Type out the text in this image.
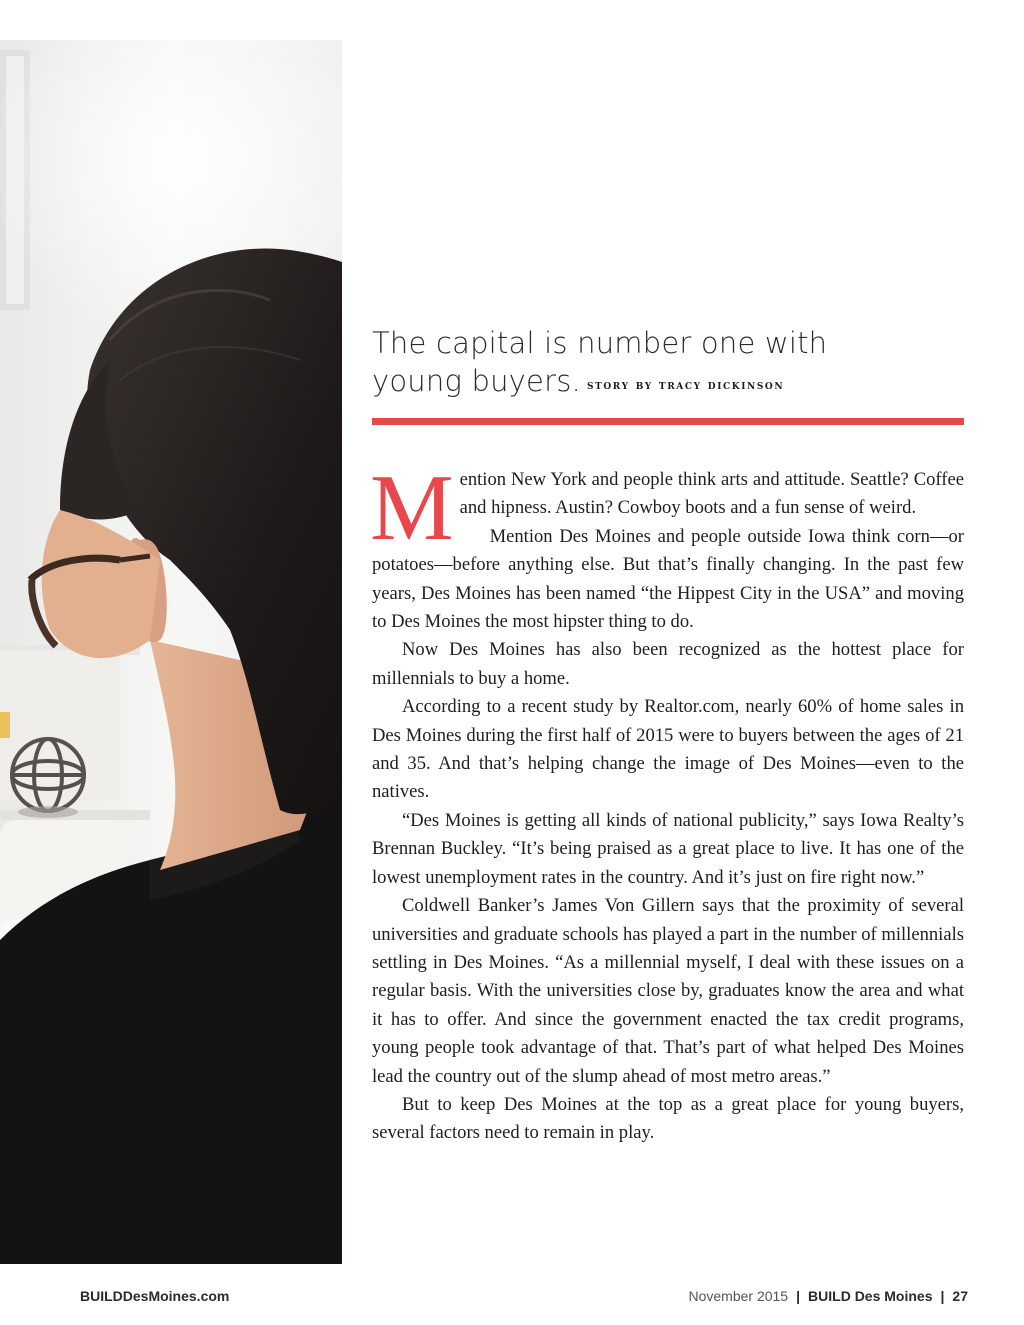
The capital is number one with
young buyers. story by tracy dickinson

Mention New York and people think arts and attitude. Seattle? Coffee and hipness. Austin? Cowboy boots and a fun sense of weird.

Mention Des Moines and people outside Iowa think corn—or potatoes—before anything else. But that’s finally changing. In the past few years, Des Moines has been named “the Hippest City in the USA” and moving to Des Moines the most hipster thing to do.

Now Des Moines has also been recognized as the hottest place for millennials to buy a home.

According to a recent study by Realtor.com, nearly 60% of home sales in Des Moines during the first half of 2015 were to buyers between the ages of 21 and 35. And that’s helping change the image of Des Moines—even to the natives.

“Des Moines is getting all kinds of national publicity,” says Iowa Realty’s Brennan Buckley. “It’s being praised as a great place to live. It has one of the lowest unemployment rates in the country. And it’s just on fire right now.”

Coldwell Banker’s James Von Gillern says that the proximity of several universities and graduate schools has played a part in the number of millennials settling in Des Moines. “As a millennial myself, I deal with these issues on a regular basis. With the universities close by, graduates know the area and what it has to offer. And since the government enacted the tax credit programs, young people took advantage of that. That’s part of what helped Des Moines lead the country out of the slump ahead of most metro areas.”

But to keep Des Moines at the top as a great place for young buyers, several factors need to remain in play.

BUILDDesMoines.com	November 2015 | BUILD Des Moines | 27
